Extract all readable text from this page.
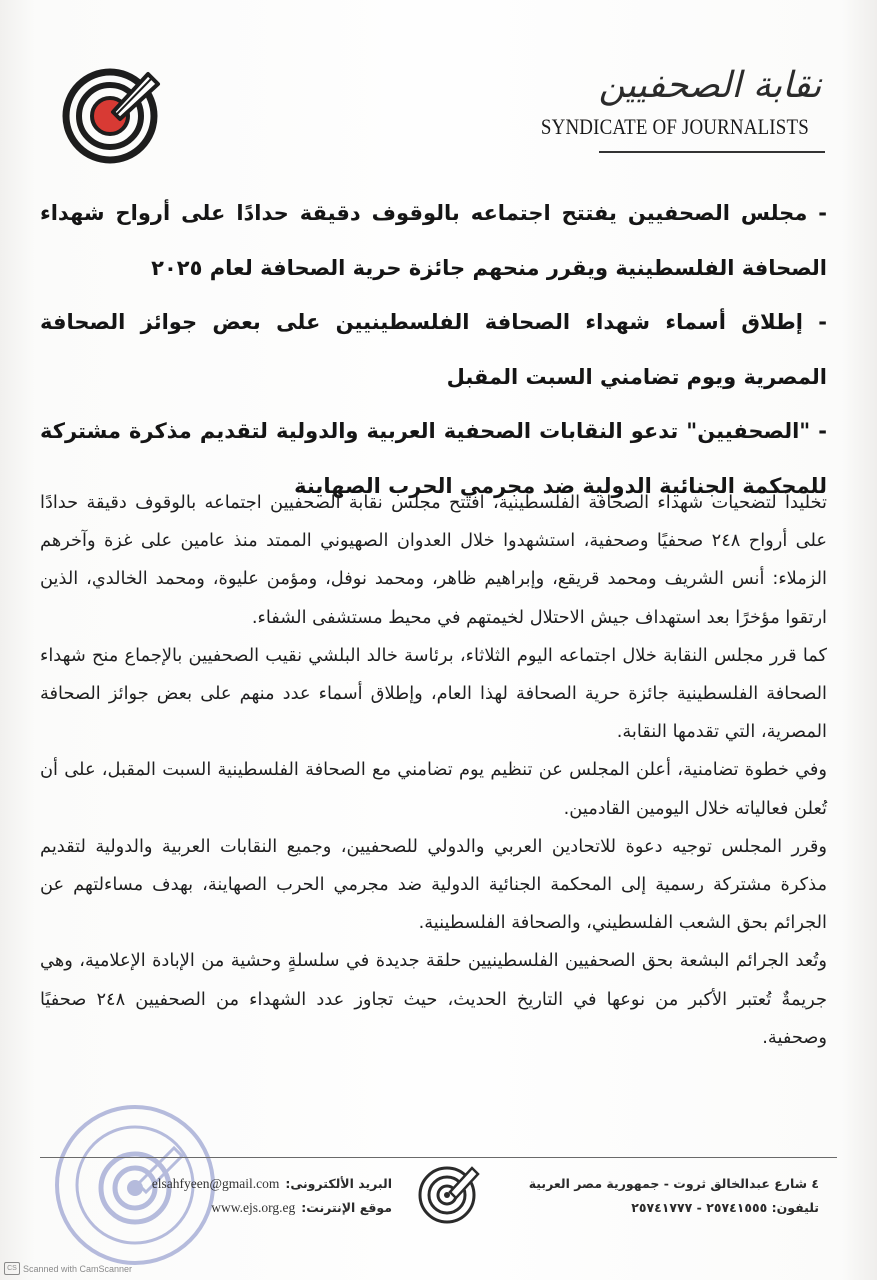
نقابة الصحفيين
SYNDICATE OF JOURNALISTS

- مجلس الصحفيين يفتتح اجتماعه بالوقوف دقيقة حدادًا على أرواح شهداء الصحافة الفلسطينية ويقرر منحهم جائزة حرية الصحافة لعام ٢٠٢٥

- إطلاق أسماء شهداء الصحافة الفلسطينيين على بعض جوائز الصحافة المصرية ويوم تضامني السبت المقبل

- "الصحفيين" تدعو النقابات الصحفية العربية والدولية لتقديم مذكرة مشتركة للمحكمة الجنائية الدولية ضد مجرمي الحرب الصهاينة

تخليداً لتضحيات شهداء الصحافة الفلسطينية، افتتح مجلس نقابة الصحفيين اجتماعه بالوقوف دقيقة حدادًا على أرواح ٢٤٨ صحفيًا وصحفية، استشهدوا خلال العدوان الصهيوني الممتد منذ عامين على غزة وآخرهم الزملاء: أنس الشريف ومحمد قريقع، وإبراهيم ظاهر، ومحمد نوفل، ومؤمن عليوة، ومحمد الخالدي، الذين ارتقوا مؤخرًا بعد استهداف جيش الاحتلال لخيمتهم في محيط مستشفى الشفاء.

كما قرر مجلس النقابة خلال اجتماعه اليوم الثلاثاء، برئاسة خالد البلشي نقيب الصحفيين بالإجماع منح شهداء الصحافة الفلسطينية جائزة حرية الصحافة لهذا العام، وإطلاق أسماء عدد منهم على بعض جوائز الصحافة المصرية، التي تقدمها النقابة.

وفي خطوة تضامنية، أعلن المجلس عن تنظيم يوم تضامني مع الصحافة الفلسطينية السبت المقبل، على أن تُعلن فعالياته خلال اليومين القادمين.

وقرر المجلس توجيه دعوة للاتحادين العربي والدولي للصحفيين، وجميع النقابات العربية والدولية لتقديم مذكرة مشتركة رسمية إلى المحكمة الجنائية الدولية ضد مجرمي الحرب الصهاينة، بهدف مساءلتهم عن الجرائم بحق الشعب الفلسطيني، والصحافة الفلسطينية.

وتُعد الجرائم البشعة بحق الصحفيين الفلسطينيين حلقة جديدة في سلسلةٍ وحشية من الإبادة الإعلامية، وهي جريمةٌ تُعتبر الأكبر من نوعها في التاريخ الحديث، حيث تجاوز عدد الشهداء من الصحفيين ٢٤٨ صحفيًا وصحفية.

٤ شارع عبدالخالق ثروت - جمهورية مصر العربية
تليفون: ٢٥٧٤١٥٥٥ - ٢٥٧٤١٧٧٧
البريد الألكترونى:
elsahfyeen@gmail.com
موقع الإنترنت:
www.ejs.org.eg
CS Scanned with CamScanner
